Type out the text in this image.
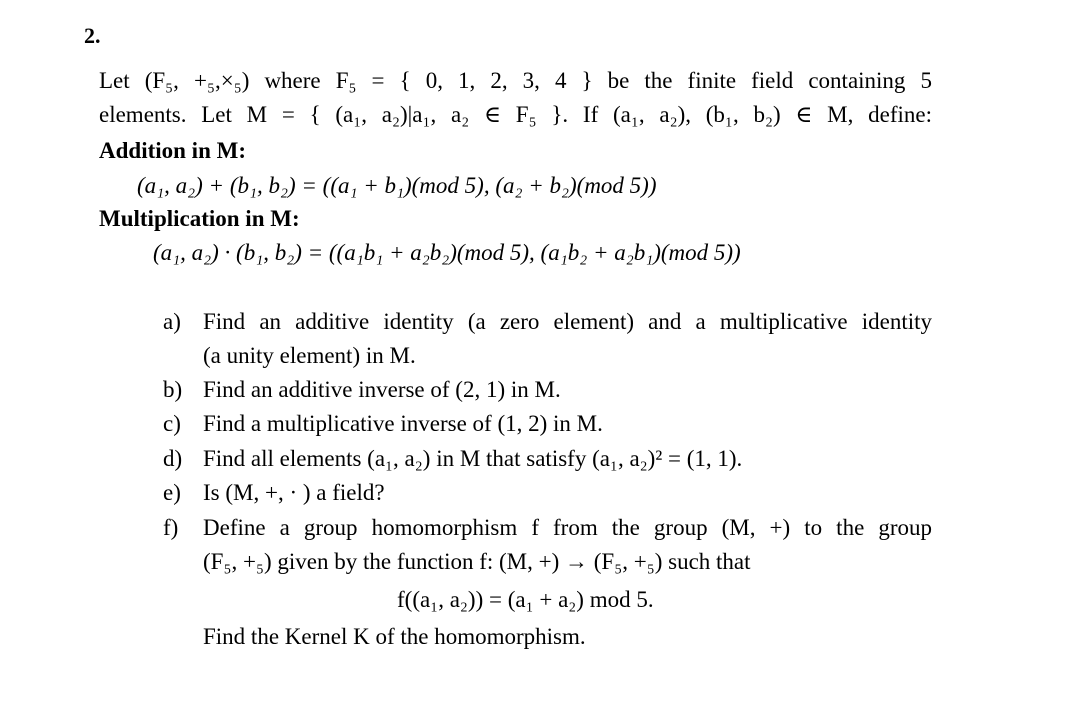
2.
Let (F₅, +₅,×₅) where F₅ = { 0, 1, 2, 3, 4 } be the finite field containing 5
elements. Let M = { (a₁, a₂)|a₁, a₂ ∈ F₅ }. If (a₁, a₂), (b₁, b₂) ∈ M, define:
Addition in M:
(a₁, a₂) + (b₁, b₂) = ((a₁ + b₁)(mod 5), (a₂ + b₂)(mod 5))
Multiplication in M:
(a₁, a₂) · (b₁, b₂) = ((a₁b₁ + a₂b₂)(mod 5), (a₁b₂ + a₂b₁)(mod 5))
a) Find an additive identity (a zero element) and a multiplicative identity
(a unity element) in M.
b) Find an additive inverse of (2, 1) in M.
c) Find a multiplicative inverse of (1, 2) in M.
d) Find all elements (a₁, a₂) in M that satisfy (a₁, a₂)² = (1, 1).
e) Is (M, +, · ) a field?
f) Define a group homomorphism f from the group (M, +) to the group
(F₅, +₅) given by the function f: (M, +) → (F₅, +₅) such that
f((a₁, a₂)) = (a₁ + a₂) mod 5.
Find the Kernel K of the homomorphism.
